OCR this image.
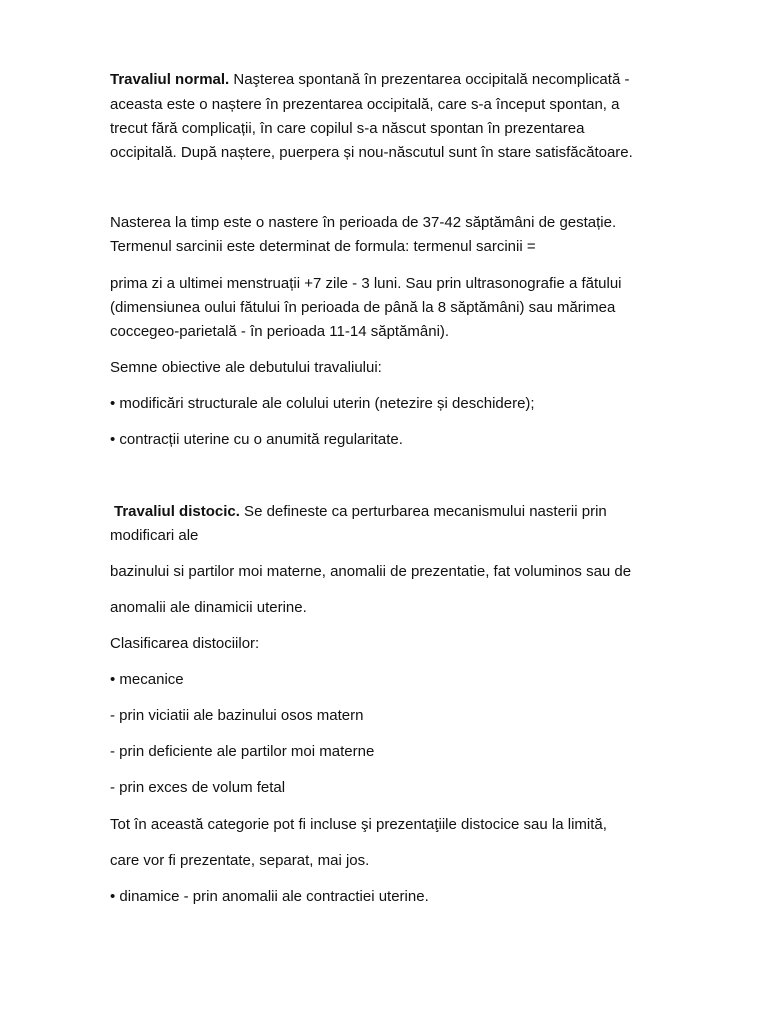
Travaliul normal. Naşterea spontană în prezentarea occipitală necomplicată -

aceasta este o naștere în prezentarea occipitală, care s-a început spontan, a

trecut fără complicații, în care copilul s-a născut spontan în prezentarea

occipitală. După naștere, puerpera și nou-născutul sunt în stare satisfăcătoare.

Nasterea la timp este o nastere în perioada de 37-42 săptămâni de gestație.

Termenul sarcinii este determinat de formula: termenul sarcinii =

prima zi a ultimei menstruații +7 zile - 3 luni. Sau prin ultrasonografie a fătului

(dimensiunea oului fătului în perioada de până la 8 săptămâni) sau mărimea

coccegeo-parietală - în perioada 11-14 săptămâni).

Semne obiective ale debutului travaliului:

• modificări structurale ale colului uterin (netezire și deschidere);

• contracții uterine cu o anumită regularitate.

Travaliul distocic. Se defineste ca perturbarea mecanismului nasterii prin

modificari ale

bazinului si partilor moi materne, anomalii de prezentatie, fat voluminos sau de

anomalii ale dinamicii uterine.

Clasificarea distociilor:

• mecanice

- prin viciatii ale bazinului osos matern

- prin deficiente ale partilor moi materne

- prin exces de volum fetal

Tot în această categorie pot fi incluse şi prezentaţiile distocice sau la limită,

care vor fi prezentate, separat, mai jos.

• dinamice - prin anomalii ale contractiei uterine.
